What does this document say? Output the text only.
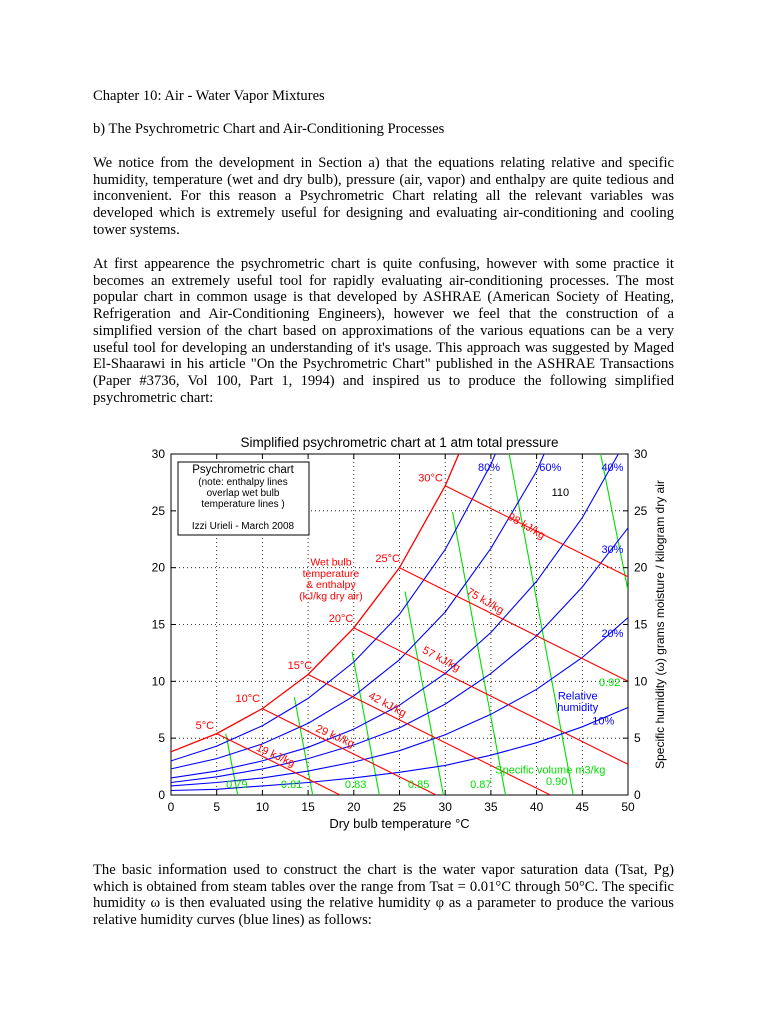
Chapter 10: Air - Water Vapor Mixtures
b) The Psychrometric Chart and Air-Conditioning Processes
We notice from the development in Section a) that the equations relating relative and specific humidity, temperature (wet and dry bulb), pressure (air, vapor) and enthalpy are quite tedious and inconvenient. For this reason a Psychrometric Chart relating all the relevant variables was developed which is extremely useful for designing and evaluating air-conditioning and cooling tower systems.
At first appearence the psychrometric chart is quite confusing, however with some practice it becomes an extremely useful tool for rapidly evaluating air-conditioning processes. The most popular chart in common usage is that developed by ASHRAE (American Society of Heating, Refrigeration and Air-Conditioning Engineers), however we feel that the construction of a simplified version of the chart based on approximations of the various equations can be a very useful tool for developing an understanding of it's usage. This approach was suggested by Maged El-Shaarawi in his article "On the Psychrometric Chart" published in the ASHRAE Transactions (Paper #3736, Vol 100, Part 1, 1994) and inspired us to produce the following simplified psychrometric chart:
0	5	10	15	20	25	30	35	40	45	50
0	0
5	5
10	10
15	15
20	20
25	25
30	30
80%	60%	40%
30%
20%
10%
Relative
humidity
5°C
19 kJ/kg
10°C
29 kJ/kg
15°C
42 kJ/kg
20°C
57 kJ/kg
25°C
75 kJ/kg
30°C
98 kJ/kg
Wet bulb
temperature
& enthalpy
(kJ/kg dry air)
110
0.79	0.81	0.83	0.85	0.87	0.90
0.92
Specific volume m3/kg
Simplified psychrometric chart at 1 atm total pressure
Dry bulb temperature °C
Specific humidity (ω) grams moisture / kilogram dry air
Psychrometric chart
(note: enthalpy lines
overlap wet bulb
temperature lines )
Izzi Urieli - March 2008
The basic information used to construct the chart is the water vapor saturation data (Tsat, Pg) which is obtained from steam tables over the range from Tsat = 0.01°C through 50°C. The specific humidity ω is then evaluated using the relative humidity φ as a parameter to produce the various relative humidity curves (blue lines) as follows:
